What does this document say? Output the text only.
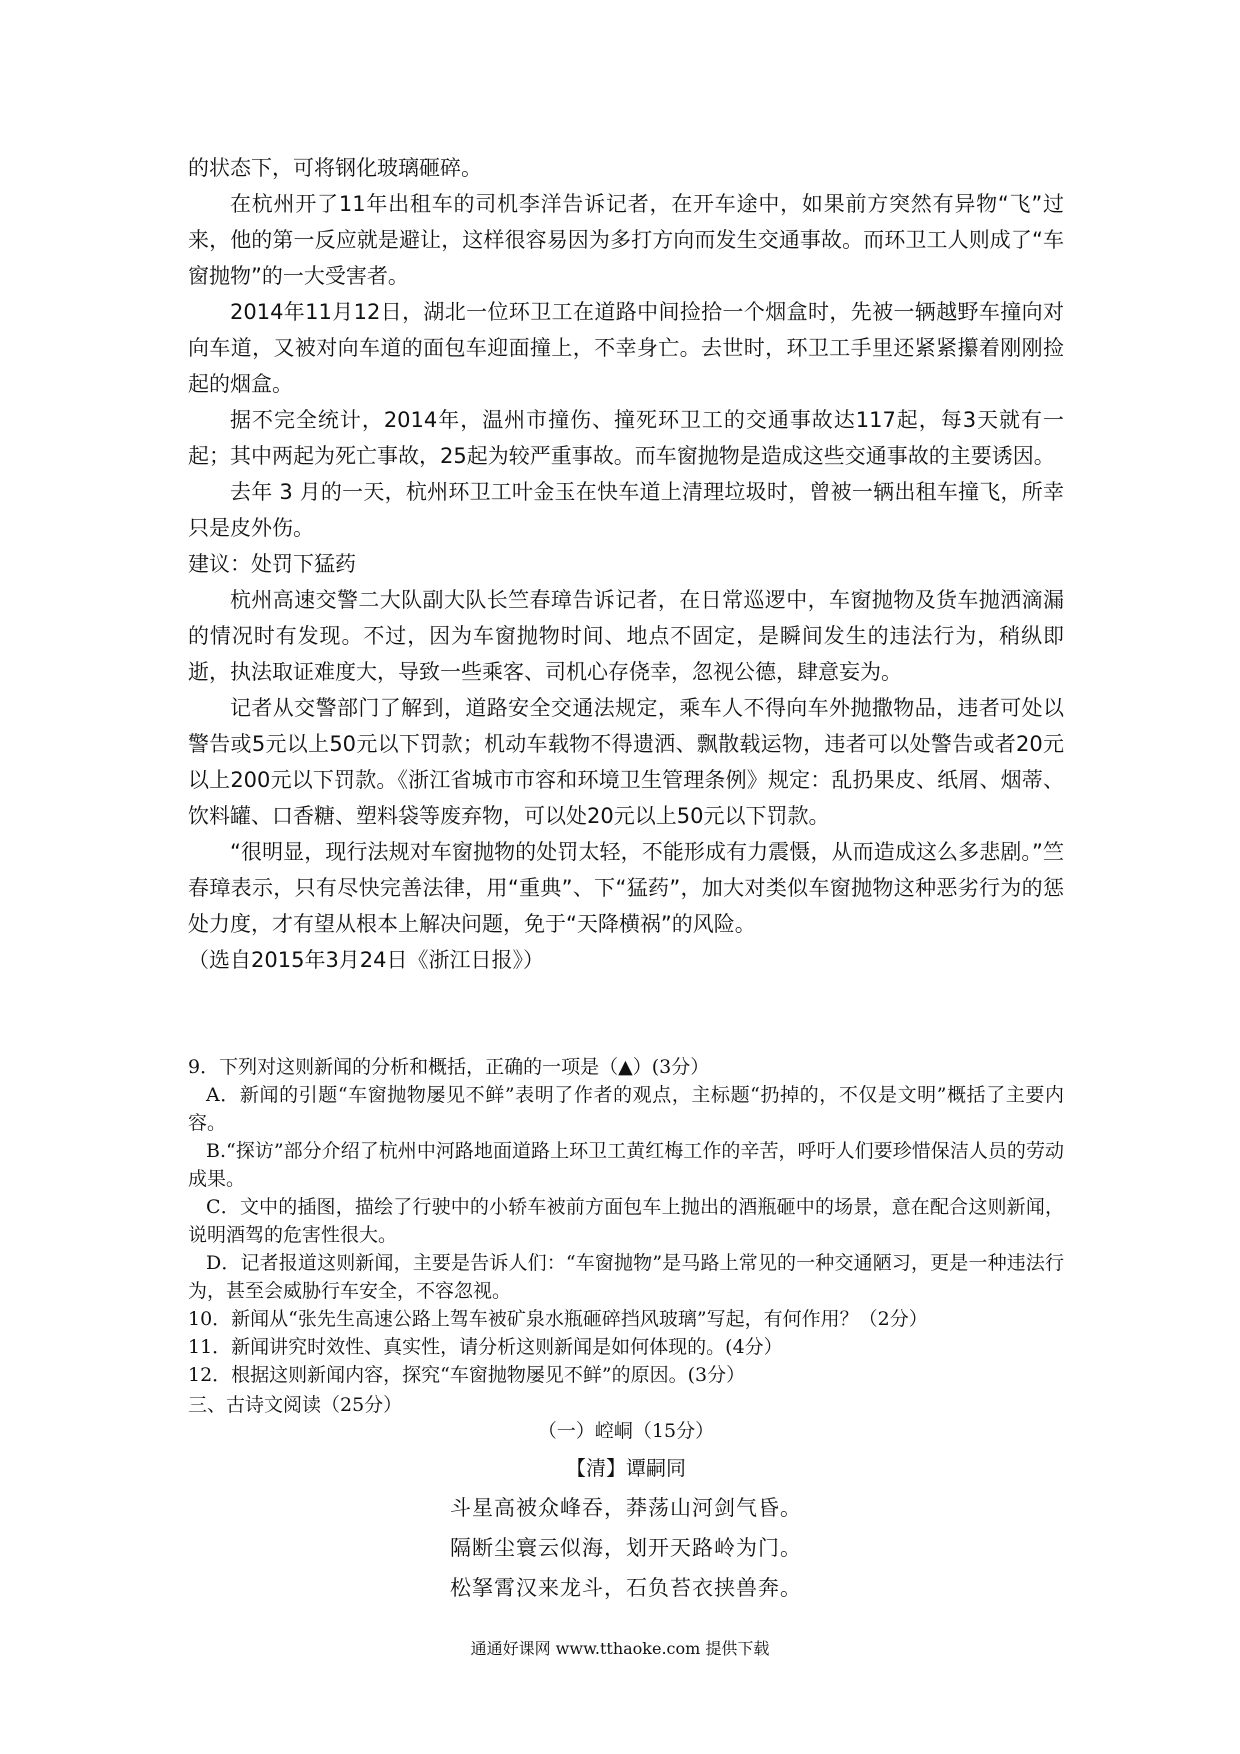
的状态下，可将钢化玻璃砸碎。

在杭州开了11年出租车的司机李洋告诉记者，在开车途中，如果前方突然有异物“飞”过来，他的第一反应就是避让，这样很容易因为多打方向而发生交通事故。而环卫工人则成了“车窗抛物”的一大受害者。

2014年11月12日，湖北一位环卫工在道路中间捡拾一个烟盒时，先被一辆越野车撞向对向车道，又被对向车道的面包车迎面撞上，不幸身亡。去世时，环卫工手里还紧紧攥着刚刚捡起的烟盒。

据不完全统计，2014年，温州市撞伤、撞死环卫工的交通事故达117起，每3天就有一起；其中两起为死亡事故，25起为较严重事故。而车窗抛物是造成这些交通事故的主要诱因。

去年 3 月的一天，杭州环卫工叶金玉在快车道上清理垃圾时，曾被一辆出租车撞飞，所幸只是皮外伤。

建议：处罚下猛药

杭州高速交警二大队副大队长竺春璋告诉记者，在日常巡逻中，车窗抛物及货车抛洒滴漏的情况时有发现。不过，因为车窗抛物时间、地点不固定，是瞬间发生的违法行为，稍纵即逝，执法取证难度大，导致一些乘客、司机心存侥幸，忽视公德，肆意妄为。

记者从交警部门了解到，道路安全交通法规定，乘车人不得向车外抛撒物品，违者可处以警告或5元以上50元以下罚款；机动车载物不得遗洒、飘散载运物，违者可以处警告或者20元以上200元以下罚款。《浙江省城市市容和环境卫生管理条例》规定：乱扔果皮、纸屑、烟蒂、饮料罐、口香糖、塑料袋等废弃物，可以处20元以上50元以下罚款。

“很明显，现行法规对车窗抛物的处罚太轻，不能形成有力震慑，从而造成这么多悲剧。”竺春璋表示，只有尽快完善法律，用“重典”、下“猛药”，加大对类似车窗抛物这种恶劣行为的惩处力度，才有望从根本上解决问题，免于“天降横祸”的风险。

（选自2015年3月24日《浙江日报》）

9．下列对这则新闻的分析和概括，正确的一项是（▲）(3分）

A．新闻的引题“车窗抛物屡见不鲜”表明了作者的观点，主标题“扔掉的，不仅是文明”概括了主要内容。

B.“探访”部分介绍了杭州中河路地面道路上环卫工黄红梅工作的辛苦，呼吁人们要珍惜保洁人员的劳动成果。

C．文中的插图，描绘了行驶中的小轿车被前方面包车上抛出的酒瓶砸中的场景，意在配合这则新闻，说明酒驾的危害性很大。

D．记者报道这则新闻，主要是告诉人们：“车窗抛物”是马路上常见的一种交通陋习，更是一种违法行为，甚至会威胁行车安全，不容忽视。

10．新闻从“张先生高速公路上驾车被矿泉水瓶砸碎挡风玻璃”写起，有何作用？（2分）

11．新闻讲究时效性、真实性，请分析这则新闻是如何体现的。(4分）

12．根据这则新闻内容，探究“车窗抛物屡见不鲜”的原因。(3分）

三、古诗文阅读（25分）

（一）崆峒（15分）
【清】谭嗣同
斗星高被众峰吞，莽荡山河剑气昏。
隔断尘寰云似海，划开天路岭为门。
松拏霄汉来龙斗，石负苔衣挟兽奔。
通通好课网 www.tthaoke.com 提供下载
